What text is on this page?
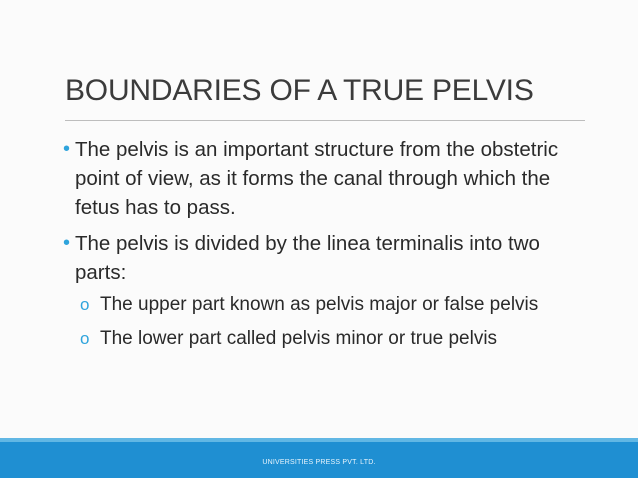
BOUNDARIES OF A TRUE PELVIS
• The pelvis is an important structure from the obstetric point of view, as it forms the canal through which the fetus has to pass.
• The pelvis is divided by the linea terminalis into two parts:
o The upper part known as pelvis major or false pelvis
o The lower part called pelvis minor or true pelvis
UNIVERSITIES PRESS PVT. LTD.
